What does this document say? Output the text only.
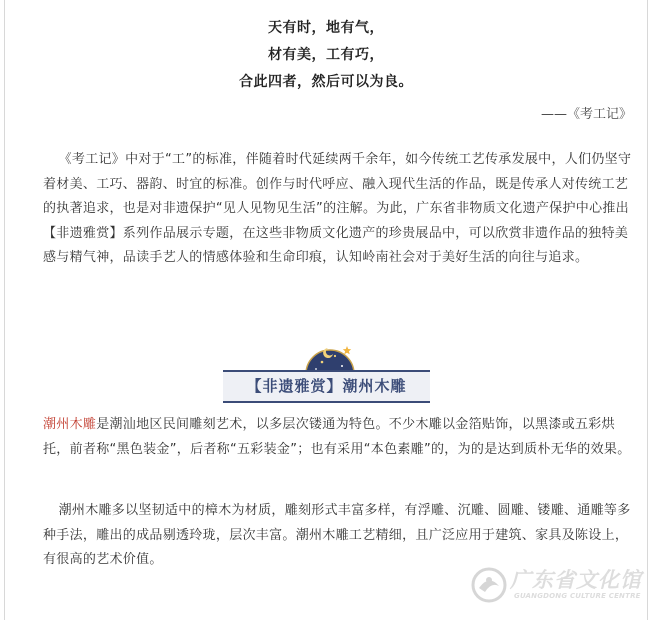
天有时，地有气，
材有美，工有巧，
合此四者，然后可以为良。
——《考工记》
《考工记》中对于“工”的标准，伴随着时代延续两千余年，如今传统工艺传承发展中，人们仍坚守着材美、工巧、器韵、时宜的标准。创作与时代呼应、融入现代生活的作品，既是传承人对传统工艺的执著追求，也是对非遗保护“见人见物见生活”的注解。为此，广东省非物质文化遗产保护中心推出【非遗雅赏】系列作品展示专题，在这些非物质文化遗产的珍贵展品中，可以欣赏非遗作品的独特美感与精气神，品读手艺人的情感体验和生命印痕，认知岭南社会对于美好生活的向往与追求。
【非遗雅赏】潮州木雕
潮州木雕是潮汕地区民间雕刻艺术，以多层次镂通为特色。不少木雕以金箔贴饰，以黑漆或五彩烘托，前者称“黑色装金”，后者称“五彩装金”；也有采用“本色素雕”的，为的是达到质朴无华的效果。
潮州木雕多以坚韧适中的樟木为材质，雕刻形式丰富多样，有浮雕、沉雕、圆雕、镂雕、通雕等多种手法，雕出的成品剔透玲珑，层次丰富。潮州木雕工艺精细，且广泛应用于建筑、家具及陈设上，有很高的艺术价值。
广东省文化馆
GUANGDONG CULTURE CENTRE
